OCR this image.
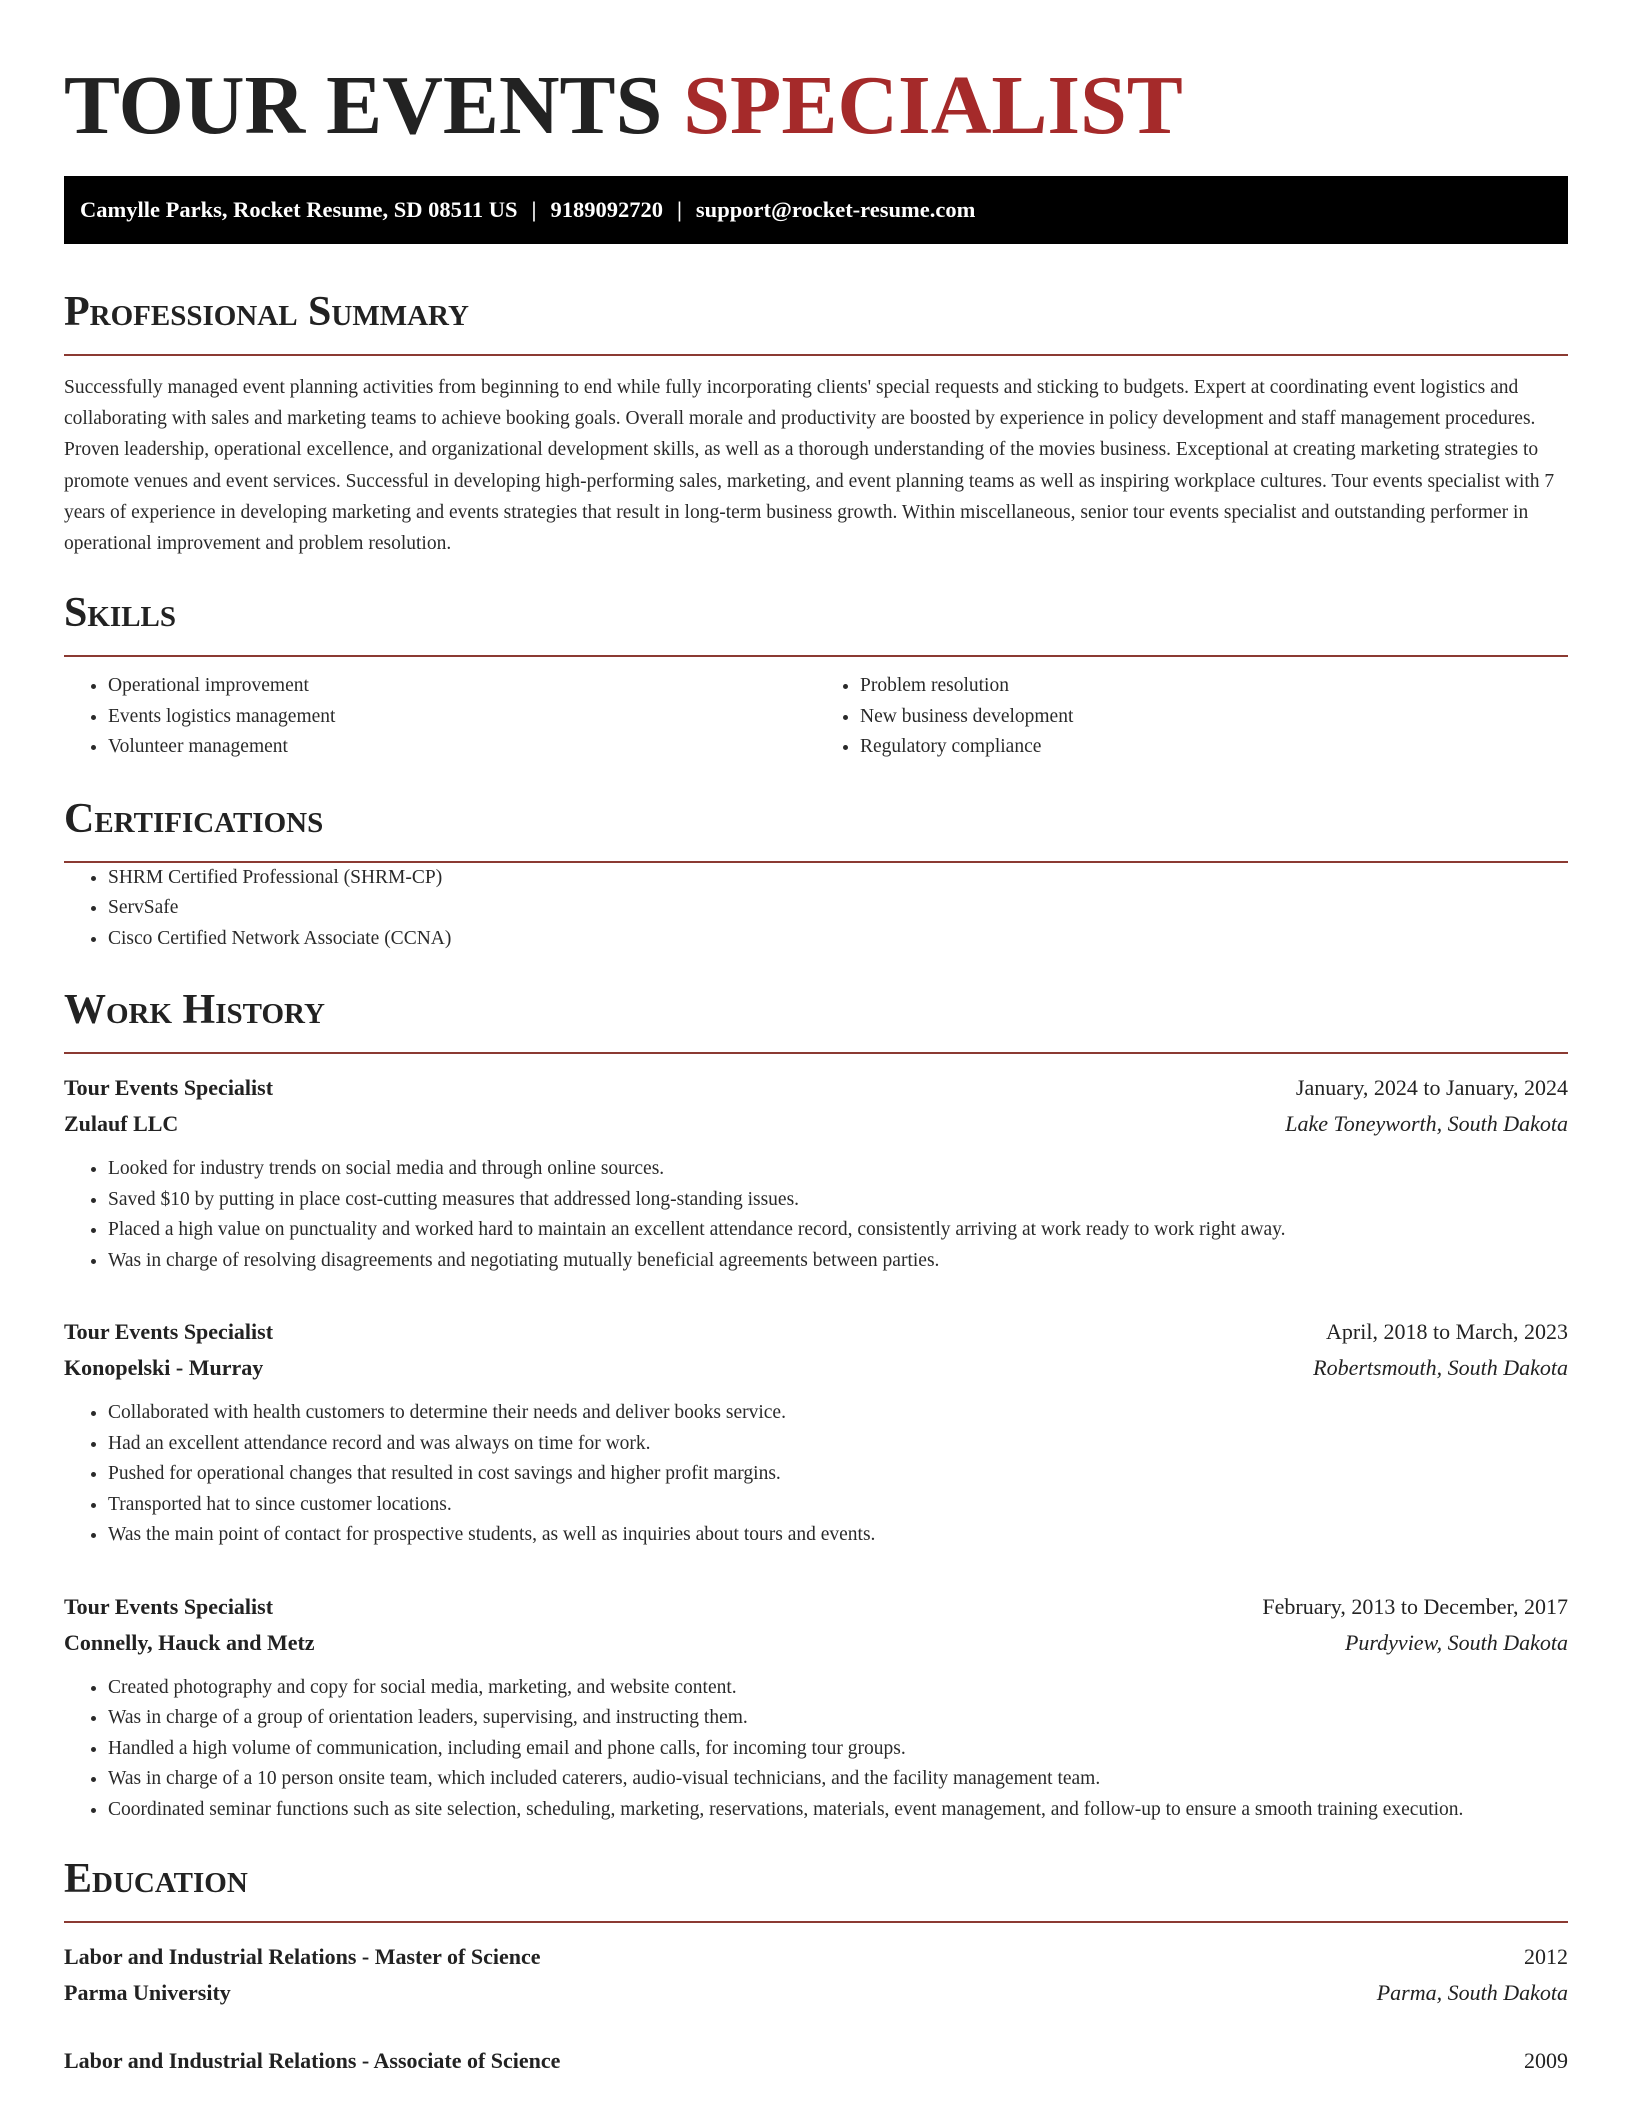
TOUR EVENTS SPECIALIST
Camylle Parks, Rocket Resume, SD 08511 US | 9189092720 | support@rocket-resume.com
Professional Summary

Successfully managed event planning activities from beginning to end while fully incorporating clients' special requests and sticking to budgets. Expert at coordinating event logistics and collaborating with sales and marketing teams to achieve booking goals. Overall morale and productivity are boosted by experience in policy development and staff management procedures. Proven leadership, operational excellence, and organizational development skills, as well as a thorough understanding of the movies business. Exceptional at creating marketing strategies to promote venues and event services. Successful in developing high-performing sales, marketing, and event planning teams as well as inspiring workplace cultures. Tour events specialist with 7 years of experience in developing marketing and events strategies that result in long-term business growth. Within miscellaneous, senior tour events specialist and outstanding performer in operational improvement and problem resolution.

Skills
• Operational improvement
• Events logistics management
• Volunteer management
• Problem resolution
• New business development
• Regulatory compliance
Certifications
• SHRM Certified Professional (SHRM-CP)
• ServSafe
• Cisco Certified Network Associate (CCNA)
Work History
Tour Events Specialist	January, 2024 to January, 2024
Zulauf LLC	Lake Toneyworth, South Dakota
• Looked for industry trends on social media and through online sources.
• Saved $10 by putting in place cost-cutting measures that addressed long-standing issues.
• Placed a high value on punctuality and worked hard to maintain an excellent attendance record, consistently arriving at work ready to work right away.
• Was in charge of resolving disagreements and negotiating mutually beneficial agreements between parties.
Tour Events Specialist	April, 2018 to March, 2023
Konopelski - Murray	Robertsmouth, South Dakota
• Collaborated with health customers to determine their needs and deliver books service.
• Had an excellent attendance record and was always on time for work.
• Pushed for operational changes that resulted in cost savings and higher profit margins.
• Transported hat to since customer locations.
• Was the main point of contact for prospective students, as well as inquiries about tours and events.
Tour Events Specialist	February, 2013 to December, 2017
Connelly, Hauck and Metz	Purdyview, South Dakota
• Created photography and copy for social media, marketing, and website content.
• Was in charge of a group of orientation leaders, supervising, and instructing them.
• Handled a high volume of communication, including email and phone calls, for incoming tour groups.
• Was in charge of a 10 person onsite team, which included caterers, audio-visual technicians, and the facility management team.
• Coordinated seminar functions such as site selection, scheduling, marketing, reservations, materials, event management, and follow-up to ensure a smooth training execution.
Education
Labor and Industrial Relations - Master of Science	2012
Parma University	Parma, South Dakota
Labor and Industrial Relations - Associate of Science	2009
